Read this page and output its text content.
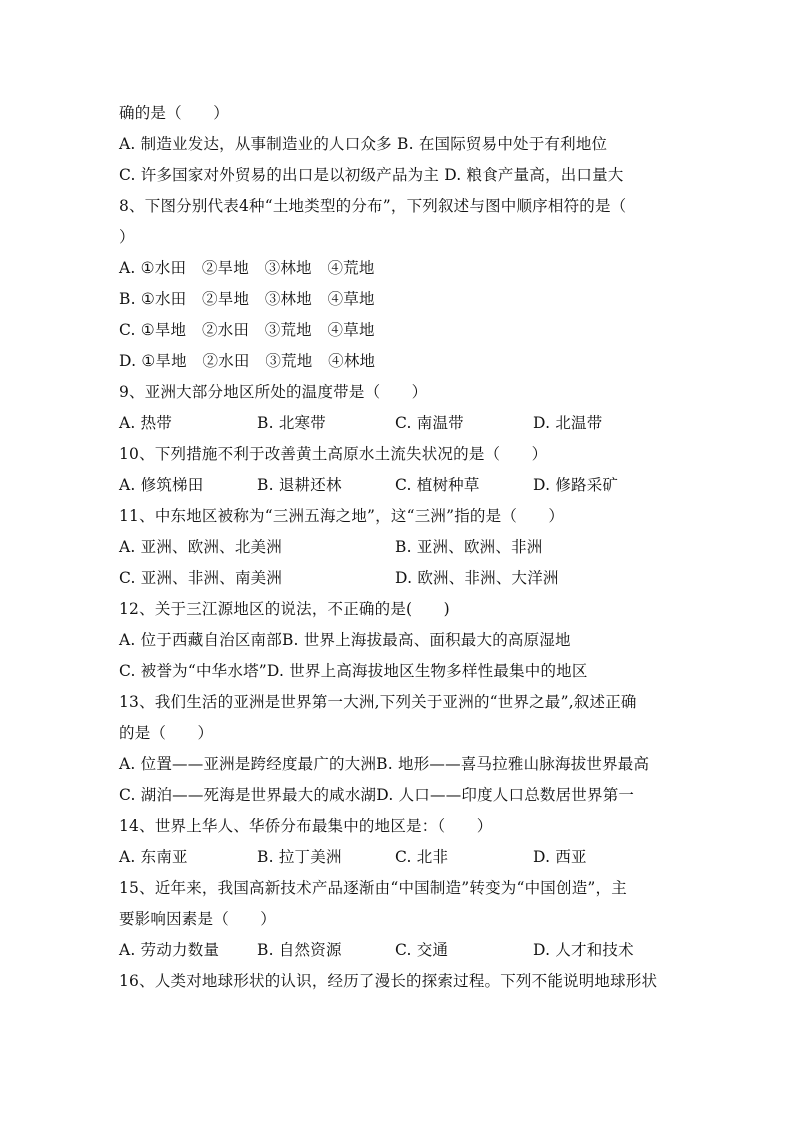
确的是（　　）
A. 制造业发达，从事制造业的人口众多 B. 在国际贸易中处于有利地位
C. 许多国家对外贸易的出口是以初级产品为主 D. 粮食产量高，出口量大
8、下图分别代表4种“土地类型的分布”，下列叙述与图中顺序相符的是（
）
A. ①水田　②旱地　③林地　④荒地
B. ①水田　②旱地　③林地　④草地
C. ①旱地　②水田　③荒地　④草地
D. ①旱地　②水田　③荒地　④林地
9、亚洲大部分地区所处的温度带是（　　）

A. 热带

	B. 北寒带

	C. 南温带

	D. 北温带

10、下列措施不利于改善黄土高原水土流失状况的是（　　）

A. 修筑梯田

	B. 退耕还林

	C. 植树种草

	D. 修路采矿

11、中东地区被称为“三洲五海之地”，这“三洲”指的是（　　）

A. 亚洲、欧洲、北美洲

	B. 亚洲、欧洲、非洲

C. 亚洲、非洲、南美洲

	D. 欧洲、非洲、大洋洲

12、关于三江源地区的说法，不正确的是(　　)
A. 位于西藏自治区南部B. 世界上海拔最高、面积最大的高原湿地
C. 被誉为“中华水塔”D. 世界上高海拔地区生物多样性最集中的地区
13、我们生活的亚洲是世界第一大洲,下列关于亚洲的“世界之最”,叙述正确
的是（　　）
A. 位置——亚洲是跨经度最广的大洲B. 地形——喜马拉雅山脉海拔世界最高
C. 湖泊——死海是世界最大的咸水湖D. 人口——印度人口总数居世界第一
14、世界上华人、华侨分布最集中的地区是：（　　）

A. 东南亚

	B. 拉丁美洲

	C. 北非

	D. 西亚

15、近年来，我国高新技术产品逐渐由“中国制造”转变为“中国创造”，主
要影响因素是（　　）

A. 劳动力数量

B. 自然资源

	C. 交通

	D. 人才和技术

16、人类对地球形状的认识，经历了漫长的探索过程。下列不能说明地球形状
